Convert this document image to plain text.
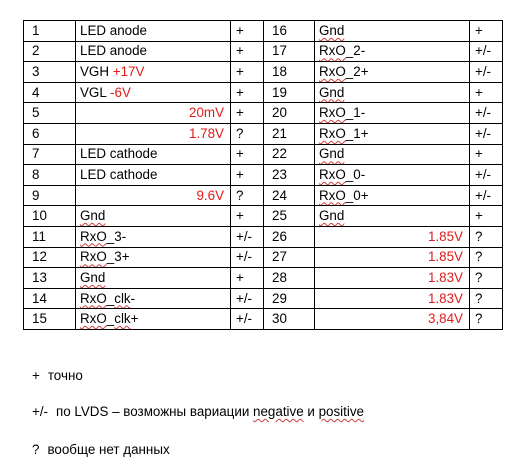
1	LED anode	+	16	Gnd	+
2	LED anode	+	17	RxO_2-	+/-
3	VGH +17V	+	18	RxO_2+	+/-
4	VGL -6V	+	19	Gnd	+
5	20mV	+	20	RxO_1-	+/-
6	1.78V	?	21	RxO_1+	+/-
7	LED cathode	+	22	Gnd	+
8	LED cathode	+	23	RxO_0-	+/-
9	9.6V	?	24	RxO_0+	+/-
10	Gnd	+	25	Gnd	+
11	RxO_3-	+/-	26	1.85V	?
12	RxO_3+	+/-	27	1.85V	?
13	Gnd	+	28	1.83V	?
14	RxO_clk-	+/-	29	1.83V	?
15	RxO_clk+	+/-	30	3,84V	?
+ точно
+/- по LVDS – возможны вариации negative и positive
? вообще нет данных
